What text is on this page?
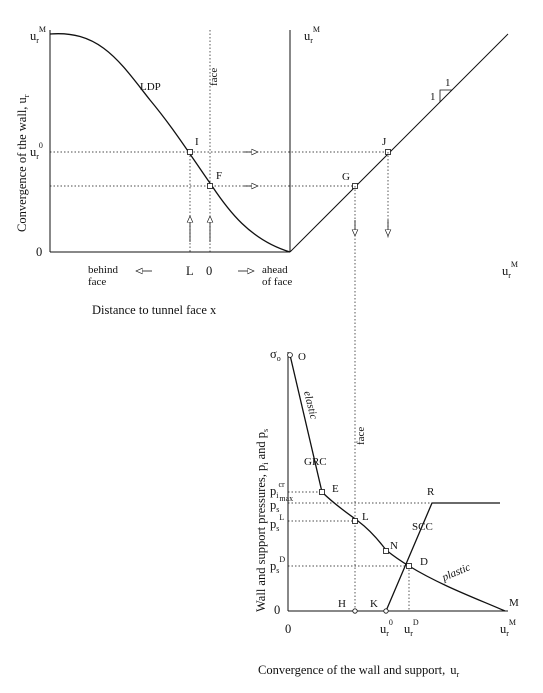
Convergence of the wall, $u_r$
$u_r^M$
$u_r^0$
0
LDP
face
I
F
L 0
behind face
ahead of face
Distance to tunnel face x
$u_r^M$
1
1
G
J
$u_r^M$
Wall and support pressures, $p_i$ and $p_s$
$\sigma_o$
$p_i^{cr}$
$p_s^{max}$
$p_s^L$
$p_s^D$
0
0	$u_r^0$ $u_r^D$	$u_r^M$
O
E
L
N
D
R
H K	M
elastic
GRC
face
SCC
plastic
Convergence of the wall and support, $u_r$
